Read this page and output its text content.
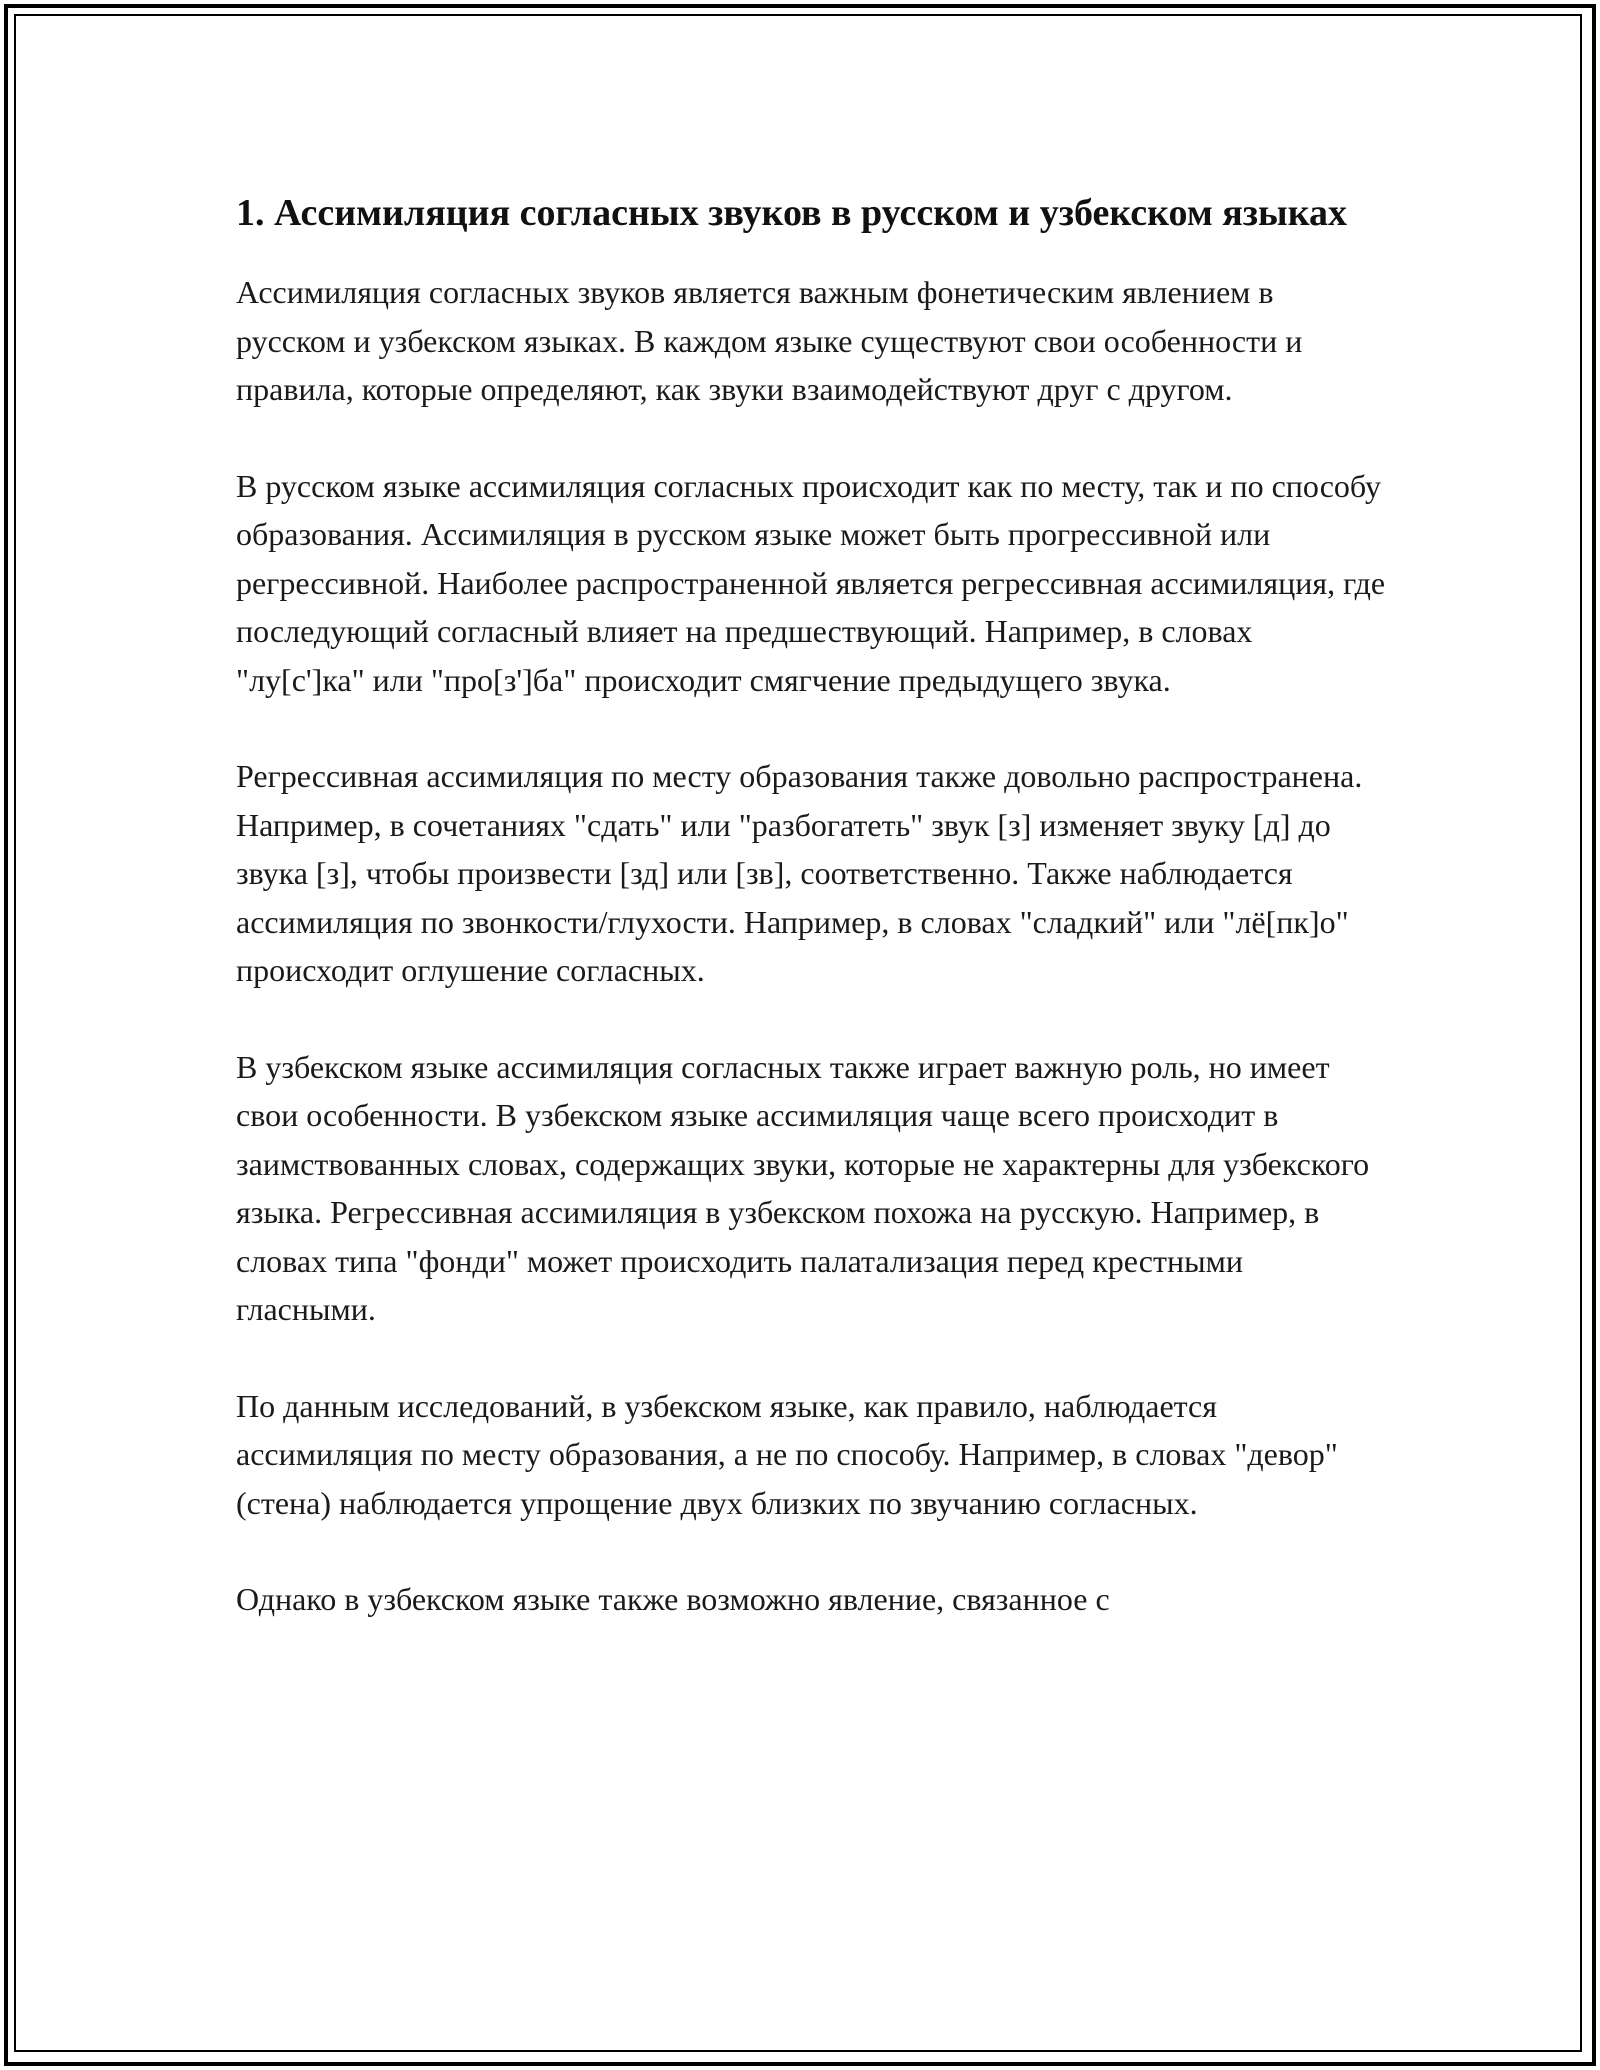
1. Ассимиляция согласных звуков в русском и узбекском языках

Ассимиляция согласных звуков является важным фонетическим явлением в русском и узбекском языках. В каждом языке существуют свои особенности и правила, которые определяют, как звуки взаимодействуют друг с другом.

В русском языке ассимиляция согласных происходит как по месту, так и по способу образования. Ассимиляция в русском языке может быть прогрессивной или регрессивной. Наиболее распространенной является регрессивная ассимиляция, где последующий согласный влияет на предшествующий. Например, в словах "лу[с']ка" или "про[з']ба" происходит смягчение предыдущего звука.

Регрессивная ассимиляция по месту образования также довольно распространена. Например, в сочетаниях "сдать" или "разбогатеть" звук [з] изменяет звуку [д] до звука [з], чтобы произвести [зд] или [зв], соответственно. Также наблюдается ассимиляция по звонкости/глухости. Например, в словах "сладкий" или "лё[пк]о" происходит оглушение согласных.

В узбекском языке ассимиляция согласных также играет важную роль, но имеет свои особенности. В узбекском языке ассимиляция чаще всего происходит в заимствованных словах, содержащих звуки, которые не характерны для узбекского языка. Регрессивная ассимиляция в узбекском похожа на русскую. Например, в словах типа "фонди" может происходить палатализация перед крестными гласными.

По данным исследований, в узбекском языке, как правило, наблюдается ассимиляция по месту образования, а не по способу. Например, в словах "девор" (стена) наблюдается упрощение двух близких по звучанию согласных.

Однако в узбекском языке также возможно явление, связанное с
